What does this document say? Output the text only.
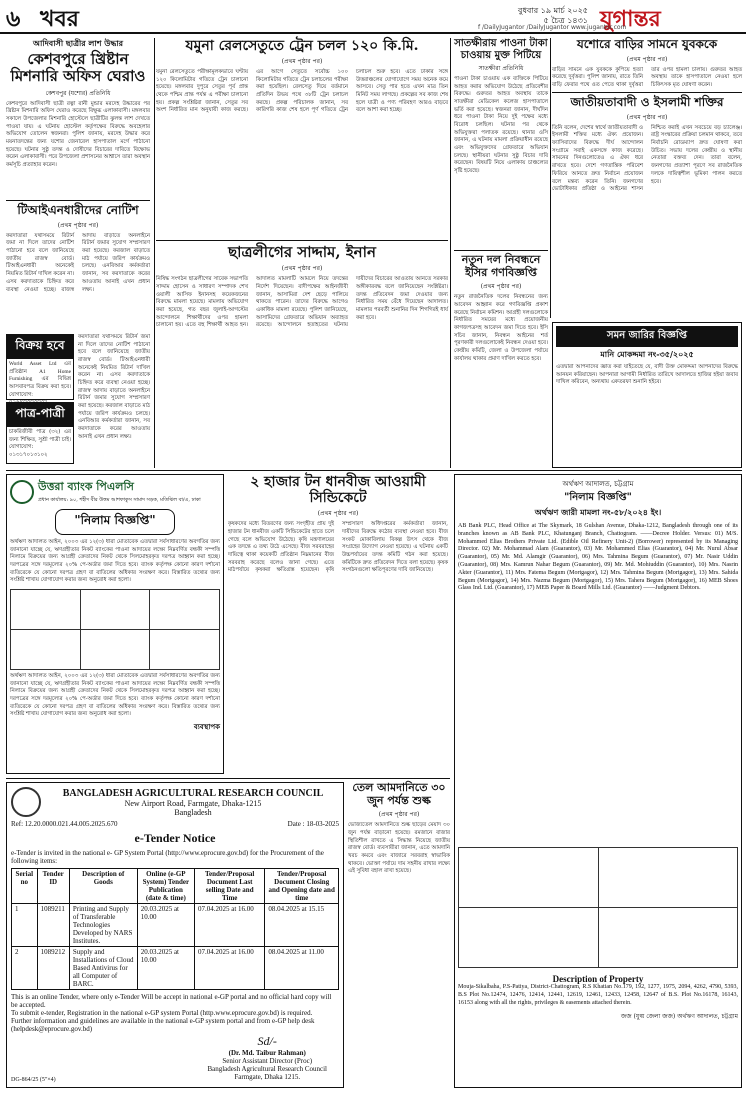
৬ খবর	বুধবার ১৯ মার্চ ২০২৫
৫ চৈত্র ১৪৩১ যুগান্তর
f /DailyJugantor /DailyJugantor www.jugantor.com
আদিবাসী ছাত্রীর লাশ উদ্ধার
কেশবপুরে খ্রিষ্টান মিশনারি অফিস ঘেরাও
কেশবপুর (যশোর) প্রতিনিধি
কেশবপুরে আদিবাসী ছাত্রী রত্না রানী মুন্ডার মরদেহ উদ্ধারের পর খ্রিষ্টান মিশনারি অফিস ঘেরাও করেছে বিক্ষুব্ধ এলাকাবাসী। মঙ্গলবার সকালে উপজেলার মিশনারি হোস্টেলে ছাত্রীটির ঝুলন্ত লাশ দেখতে পাওয়া যায়। এ ঘটনায় হোস্টেল কর্তৃপক্ষের বিরুদ্ধে অবহেলার অভিযোগ তোলেন স্বজনরা। পুলিশ জানায়, মরদেহ উদ্ধার করে ময়নাতদন্তের জন্য যশোর জেনারেল হাসপাতাল মর্গে পাঠানো হয়েছে। ঘটনার সুষ্ঠু তদন্ত ও দোষীদের বিচারের দাবিতে বিক্ষোভ করেন এলাকাবাসী। পরে উপজেলা প্রশাসনের আশ্বাসে তারা অবস্থান কর্মসূচি প্রত্যাহার করেন।
টিআইএনধারীদের নোটিশ
(প্রথম পৃষ্ঠার পর)
করদাতারা যথাসময়ে রিটার্ন জমা না দিলে তাদের নোটিশ পাঠানো হবে বলে জানিয়েছে জাতীয় রাজস্ব বোর্ড। টিআইএনধারী অনেকেই নিয়মিত রিটার্ন দাখিল করেন না। এসব করদাতাকে চিহ্নিত করে ব্যবস্থা নেওয়া হচ্ছে। রাজস্ব আদায় বাড়াতে অনলাইনে রিটার্ন জমার সুযোগ সম্প্রসারণ করা হয়েছে। করজাল বাড়াতে মাঠ পর্যায়ে জরিপ কার্যক্রমও চলছে। এনবিআর কর্মকর্তারা জানান, সব করদাতাকে করের আওতায় আনাই এখন প্রধান লক্ষ্য।
বিক্রয় হবে
World Asset Ltd এর প্রতিষ্ঠান A1 Home Furnishing এর বিভিন্ন আসবাবপত্র বিক্রয় করা হবে। যোগাযোগ:
পাত্র-পাত্রী
চাকরিজীবী পাত্র (৩২) এর জন্য শিক্ষিত, সুশ্রী পাত্রী চাই। যোগাযোগ: ০১৩১৭০১৩১০২
করদাতারা যথাসময়ে রিটার্ন জমা না দিলে তাদের নোটিশ পাঠানো হবে বলে জানিয়েছে জাতীয় রাজস্ব বোর্ড। টিআইএনধারী অনেকেই নিয়মিত রিটার্ন দাখিল করেন না। এসব করদাতাকে চিহ্নিত করে ব্যবস্থা নেওয়া হচ্ছে। রাজস্ব আদায় বাড়াতে অনলাইনে রিটার্ন জমার সুযোগ সম্প্রসারণ করা হয়েছে। করজাল বাড়াতে মাঠ পর্যায়ে জরিপ কার্যক্রমও চলছে। এনবিআর কর্মকর্তারা জানান, সব করদাতাকে করের আওতায় আনাই এখন প্রধান লক্ষ্য।
যমুনা রেলসেতুতে ট্রেন চলল ১২০ কি.মি.
(প্রথম পৃষ্ঠার পর)
যমুনা রেলসেতুতে পরীক্ষামূলকভাবে ঘণ্টায় ১২০ কিলোমিটার গতিতে ট্রেন চালানো হয়েছে। মঙ্গলবার দুপুরে সেতুর পূর্ব প্রান্ত থেকে পশ্চিম প্রান্ত পর্যন্ত এ পরীক্ষা চালানো হয়। প্রকল্প সংশ্লিষ্টরা জানান, সেতুর সব অংশ নির্ধারিত মান অনুযায়ী কাজ করছে। এর আগে সেতুতে সর্বোচ্চ ১০০ কিলোমিটার গতিতে ট্রেন চলাচলের পরীক্ষা করা হয়েছিল। রেলসেতু দিয়ে বর্তমানে প্রতিদিন উভয় পথে ৩৮টি ট্রেন চলাচল করছে। প্রকল্প পরিচালক জানান, সব কারিগরি কাজ শেষ হলে পূর্ণ গতিতে ট্রেন চলাচল শুরু হবে। এতে ঢাকার সঙ্গে উত্তরাঞ্চলের যোগাযোগে সময় অনেক কমে আসবে। সেতু পার হতে এখন মাত্র তিন মিনিট সময় লাগছে। প্রকল্পের সব কাজ শেষ হলে যাত্রী ও পণ্য পরিবহণ আরও বাড়বে বলে আশা করা হচ্ছে।
ছাত্রলীগের সাদ্দাম, ইনান
(প্রথম পৃষ্ঠার পর)
নিষিদ্ধ সংগঠন ছাত্রলীগের সাবেক সভাপতি সাদ্দাম হোসেন ও সাধারণ সম্পাদক শেখ ওয়ালী আসিফ ইনানসহ কয়েকজনের বিরুদ্ধে মামলা হয়েছে। মামলায় অভিযোগ করা হয়েছে, গত বছর জুলাই-আগস্টের আন্দোলনে শিক্ষার্থীদের ওপর হামলা চালানো হয়। এতে বহু শিক্ষার্থী আহত হন। আদালত মামলাটি আমলে নিয়ে তদন্তের নির্দেশ দিয়েছেন। বাদীপক্ষের আইনজীবী জানান, আসামিরা দেশ ছেড়ে পালিয়ে থাকতে পারেন। তাদের বিরুদ্ধে আগেও একাধিক মামলা রয়েছে। পুলিশ জানিয়েছে, আসামিদের গ্রেফতারে অভিযান অব্যাহত রয়েছে। আন্দোলনে হতাহতের ঘটনায় দায়ীদের বিচারের আওতায় আনতে সরকার অঙ্গীকারবদ্ধ বলে জানিয়েছেন সংশ্লিষ্টরা। তদন্ত প্রতিবেদন জমা দেওয়ার জন্য নির্ধারিত সময় বেঁধে দিয়েছেন আদালত। মামলার পরবর্তী শুনানির দিন শিগগিরই ধার্য করা হবে।
সাতক্ষীরায় পাওনা টাকা চাওয়ায় মুক্ত পিটিয়ে
সাতক্ষীরা প্রতিনিধি
পাওনা টাকা চাওয়ায় এক ব্যক্তিকে পিটিয়ে আহত করার অভিযোগ উঠেছে প্রতিবেশীর বিরুদ্ধে। গুরুতর আহত অবস্থায় তাকে সাতক্ষীরা মেডিকেল কলেজ হাসপাতালে ভর্তি করা হয়েছে। স্বজনরা জানান, দীর্ঘদিন ধরে পাওনা টাকা নিয়ে দুই পক্ষের মধ্যে বিরোধ চলছিল। ঘটনার পর থেকে অভিযুক্তরা পলাতক রয়েছে। থানার ওসি জানান, এ ঘটনায় মামলা প্রক্রিয়াধীন রয়েছে এবং অভিযুক্তদের গ্রেফতারে অভিযান চলছে। স্থানীয়রা ঘটনার সুষ্ঠু বিচার দাবি করেছেন। বিষয়টি নিয়ে এলাকায় চাঞ্চল্যের সৃষ্টি হয়েছে।
যশোরে বাড়ির সামনে যুবককে
(প্রথম পৃষ্ঠার পর)
বাড়ির সামনে এক যুবককে কুপিয়ে হত্যা করেছে দুর্বৃত্তরা। পুলিশ জানায়, রাতে তিনি বাড়ি ফেরার পথে ওত পেতে থাকা দুর্বৃত্তরা তার ওপর হামলা চালায়। গুরুতর আহত অবস্থায় তাকে হাসপাতালে নেওয়া হলে চিকিৎসক মৃত ঘোষণা করেন।
জাতীয়তাবাদী ও ইসলামী শক্তির
(প্রথম পৃষ্ঠার পর)
তিনি বলেন, দেশের স্বার্থে জাতীয়তাবাদী ও ইসলামী শক্তির মধ্যে ঐক্য প্রয়োজন। ফ্যাসিবাদের বিরুদ্ধে দীর্ঘ আন্দোলন সংগ্রামে সবাই একসঙ্গে কাজ করেছে। সামনের দিনগুলোতেও এ ঐক্য ধরে রাখতে হবে। দেশে গণতান্ত্রিক পরিবেশ ফিরিয়ে আনতে দ্রুত নির্বাচন প্রয়োজন বলে মন্তব্য করেন তিনি। জনগণের ভোটাধিকার প্রতিষ্ঠা ও আইনের শাসন নিশ্চিত করাই এখন সবচেয়ে বড় চ্যালেঞ্জ। রাষ্ট্র সংস্কারের প্রক্রিয়া চলমান থাকবে, তবে নির্বাচনি রোডম্যাপ দ্রুত ঘোষণা করা উচিত। সভায় দলের কেন্দ্রীয় ও স্থানীয় নেতারা বক্তব্য দেন। তারা বলেন, জনগণের প্রত্যাশা পূরণে সব রাজনৈতিক দলকে দায়িত্বশীল ভূমিকা পালন করতে হবে।
নতুন দল নিবন্ধনে ইসির গণবিজ্ঞপ্তি
(প্রথম পৃষ্ঠার পর)
নতুন রাজনৈতিক দলের নিবন্ধনের জন্য আবেদন আহ্বান করে গণবিজ্ঞপ্তি প্রকাশ করেছে নির্বাচন কমিশন। আগ্রহী দলগুলোকে নির্ধারিত সময়ের মধ্যে প্রয়োজনীয় কাগজপত্রসহ আবেদন জমা দিতে হবে। ইসি সচিব জানান, নিবন্ধন আইনের শর্ত পূরণকারী দলগুলোকেই নিবন্ধন দেওয়া হবে। কেন্দ্রীয় কমিটি, জেলা ও উপজেলা পর্যায়ে কার্যালয় থাকার প্রমাণ দাখিল করতে হবে।
সমন জারির বিজ্ঞপ্তি
মানি মোকদ্দমা নং-৩৫/২০২৫
এতদ্বারা আপনাদের জ্ঞাত করা যাইতেছে যে, বাদী উক্ত মোকদ্দমা আপনাদের বিরুদ্ধে আনয়ন করিয়াছেন। আপনারা আগামী নির্ধারিত তারিখে আদালতে হাজির হইয়া জবাব দাখিল করিবেন, অন্যথায় একতরফা শুনানি হইবে।
উত্তরা ব্যাংক পিএলসি
প্রধান কার্যালয়: ৯০, শহীদ বীর উত্তম আশফাকুস সামাদ সড়ক, মতিঝিল বা/এ, ঢাকা
"নিলাম বিজ্ঞপ্তি"
অর্থঋণ আদালত আইন, ২০০৩ এর ১২(৩) ধারা মোতাবেক এতদ্বারা সর্বসাধারণের অবগতির জন্য জানানো যাচ্ছে যে, ঋণগ্রহীতার নিকট ব্যাংকের পাওনা আদায়ের লক্ষ্যে নিম্নবর্ণিত বন্ধকী সম্পত্তি নিলামে বিক্রয়ের জন্য আগ্রহী ক্রেতাদের নিকট থেকে সিলমোহরকৃত দরপত্র আহ্বান করা হচ্ছে। দরপত্রের সঙ্গে দরমূল্যের ২০% পে-অর্ডার জমা দিতে হবে। ব্যাংক কর্তৃপক্ষ কোনো কারণ দর্শানো ব্যতিরেকে যে কোনো দরপত্র গ্রহণ বা বাতিলের অধিকার সংরক্ষণ করে। বিস্তারিত তথ্যের জন্য সংশ্লিষ্ট শাখায় যোগাযোগ করার জন্য অনুরোধ করা হলো।

অর্থঋণ আদালত আইন, ২০০৩ এর ১২(৩) ধারা মোতাবেক এতদ্বারা সর্বসাধারণের অবগতির জন্য জানানো যাচ্ছে যে, ঋণগ্রহীতার নিকট ব্যাংকের পাওনা আদায়ের লক্ষ্যে নিম্নবর্ণিত বন্ধকী সম্পত্তি নিলামে বিক্রয়ের জন্য আগ্রহী ক্রেতাদের নিকট থেকে সিলমোহরকৃত দরপত্র আহ্বান করা হচ্ছে। দরপত্রের সঙ্গে দরমূল্যের ২০% পে-অর্ডার জমা দিতে হবে। ব্যাংক কর্তৃপক্ষ কোনো কারণ দর্শানো ব্যতিরেকে যে কোনো দরপত্র গ্রহণ বা বাতিলের অধিকার সংরক্ষণ করে। বিস্তারিত তথ্যের জন্য সংশ্লিষ্ট শাখায় যোগাযোগ করার জন্য অনুরোধ করা হলো।
ব্যবস্থাপক
২ হাজার টন ধানবীজ আওয়ামী সিন্ডিকেটে
(প্রথম পৃষ্ঠার পর)
কৃষকদের মধ্যে বিতরণের জন্য সংগৃহীত প্রায় দুই হাজার টন ধানবীজ একটি সিন্ডিকেটের হাতে চলে গেছে বলে অভিযোগ উঠেছে। কৃষি মন্ত্রণালয়ের এক তদন্তে এ তথ্য উঠে এসেছে। বীজ সরবরাহের দায়িত্বে থাকা কয়েকটি প্রতিষ্ঠান নিম্নমানের বীজ সরবরাহ করেছে বলেও জানা গেছে। এতে মাঠপর্যায়ে কৃষকরা ক্ষতিগ্রস্ত হয়েছেন। কৃষি সম্প্রসারণ অধিদপ্তরের কর্মকর্তারা জানান, দায়ীদের বিরুদ্ধে কঠোর ব্যবস্থা নেওয়া হবে। বীজ সংকট মোকাবিলায় বিকল্প উৎস থেকে বীজ সংগ্রহের উদ্যোগ নেওয়া হয়েছে। এ ঘটনায় একটি উচ্চপর্যায়ের তদন্ত কমিটি গঠন করা হয়েছে। কমিটিকে দ্রুত প্রতিবেদন দিতে বলা হয়েছে। কৃষক সংগঠনগুলো ক্ষতিপূরণের দাবি জানিয়েছে।
অর্থঋণ আদালত, চট্টগ্রাম
"নিলাম বিজ্ঞপ্তি"
অর্থঋণ জারী মামলা নং-৫৮/২০২৪ ইং।
AB Bank PLC, Head Office at The Skymark, 18 Gulshan Avenue, Dhaka-1212, Bangladesh through one of its branches known as AB Bank PLC, Khatunganj Branch, Chattogram. ——Decree Holder. Versus: 01) M/S. Mohammed Elias Brothers Private Ltd. (Edible Oil Refinery Unit-2) (Borrower) represented by its Managing Director. 02) Mr. Mohammad Alam (Guarantor), 03) Mr. Mohammed Elias (Guarantor), 04) Mr. Nurul Absar (Guarantor), 05) Mr. Md. Alamgir (Guarantor), 06) Mrs. Tahmina Begum (Guarantor), 07) Mr. Nasir Uddin (Guarantor), 08) Mrs. Kamrun Nahar Begum (Guarantor), 09) Mr. Md. Mohiuddin (Guarantor), 10) Mrs. Nasrin Akter (Guarantor), 11) Mrs. Fatema Begum (Mortgagor), 12) Mrs. Tahmina Begum (Mortgagor), 13) Mrs. Sahida Begum (Mortgagor), 14) Mrs. Nazma Begum (Mortgagor), 15) Mrs. Tahera Begum (Mortgagor), 16) MEB Shoes Glass Ind. Ltd. (Guarantor), 17) MEB Paper & Board Mills Ltd. (Guarantor) ——Judgment Debtors.

Description of Property
Mouja-Sikalbaha, P.S-Patiya, District-Chattogram, R.S Khatian No.179, 192, 1277, 1975, 2094, 4262, 4790, 5393, B.S Plot No.12474, 12476, 12414, 12441, 12619, 12461, 12433, 12458, 12647 of B.S. Plot No.16178, 16143, 16153 along with all the rights, privileges & easements attached therein.
জজ (যুগ্ম জেলা জজ) অর্থঋণ আদালত, চট্টগ্রাম
BANGLADESH AGRICULTURAL RESEARCH COUNCIL
New Airport Road, Farmgate, Dhaka-1215
Bangladesh
Ref: 12.20.0000.021.44.005.2025.670	Date : 18-03-2025
e-Tender Notice
e-Tender is invited in the national e- GP System Portal (http://www.eprocure.gov.bd) for the Procurement of the following items:
Serial no	Tender ID	Description of Goods	Online (e-GP System) Tender Publication (date & time)	Tender/Proposal Document Last selling Date and Time	Tender/Proposal Document Closing and Opening date and time
1	1089211	Printing and Supply of Transferable Technologies Developed by NARS Institutes.	20.03.2025 at 10.00	07.04.2025 at 16.00	08.04.2025 at 15.15
2	1089212	Supply and Installations of Cloud Based Antivirus for all Computer of BARC.	20.03.2025 at 10.00	07.04.2025 at 16.00	08.04.2025 at 11.00
This is an online Tender, where only e-Tender Will be accept in national e-GP portal and no official hard copy will be accepted.
To submit e-tender, Registration in the national e-GP system Portal (http.www.eprocure.gov.bd) is required.
Further information and guidelines are available in the national e-GP system portal and from e-GP help desk (helpdesk@eprocure.gov.bd)
Sd/-
(Dr. Md. Taibur Rahman)
Senior Assistant Director (Proc)
Bangladesh Agricultural Research Council
Farmgate, Dhaka 1215.
DG-864/25 (5"×4)
তেল আমদানিতে ৩০ জুন পর্যন্ত শুল্ক
(প্রথম পৃষ্ঠার পর)
ভোজ্যতেল আমদানিতে শুল্ক ছাড়ের মেয়াদ ৩০ জুন পর্যন্ত বাড়ানো হয়েছে। রমজানে বাজার স্থিতিশীল রাখতে এ সিদ্ধান্ত নিয়েছে জাতীয় রাজস্ব বোর্ড। ব্যবসায়ীরা জানান, এতে আমদানি খরচ কমবে এবং বাজারে সরবরাহ স্বাভাবিক থাকবে। ভোক্তা পর্যায়ে দাম সহনীয় রাখার লক্ষ্যে এই সুবিধা বহাল রাখা হয়েছে।
